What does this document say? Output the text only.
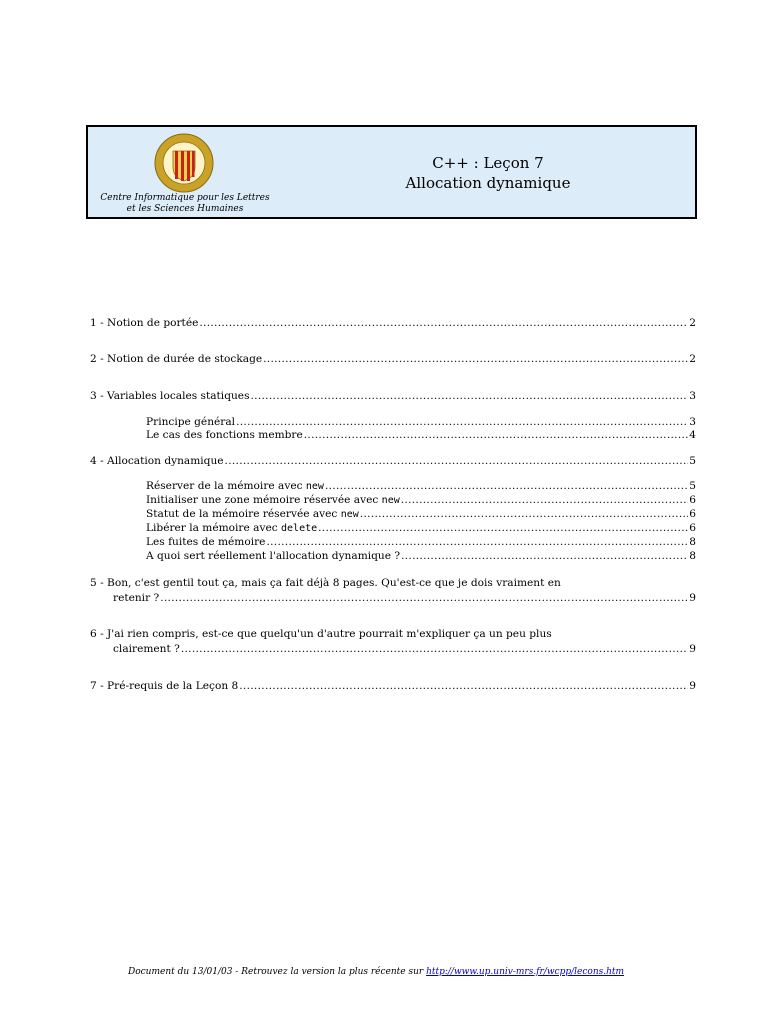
Centre Informatique pour les Lettres
et les Sciences Humaines
C++ : Leçon 7
Allocation dynamique
1 - Notion de portée .....	2
2 - Notion de durée de stockage .....	2
3 - Variables locales statiques .....	3
Principe général .....	3
Le cas des fonctions membre .....	4
4 - Allocation dynamique .....	5
Réserver de la mémoire avec new .....	5
Initialiser une zone mémoire réservée avec new .....	6
Statut de la mémoire réservée avec new .....	6
Libérer la mémoire avec delete .....	6
Les fuites de mémoire .....	8
A quoi sert réellement l'allocation dynamique ? .....	8
5 - Bon, c'est gentil tout ça, mais ça fait déjà 8 pages. Qu'est-ce que je dois vraiment en
retenir ? .....	9
6 - J'ai rien compris, est-ce que quelqu'un d'autre pourrait m'expliquer ça un peu plus
clairement ? .....	9
7 - Pré-requis de la Leçon 8 .....	9
Document du 13/01/03 - Retrouvez la version la plus récente sur http://www.up.univ-mrs.fr/wcpp/lecons.htm
